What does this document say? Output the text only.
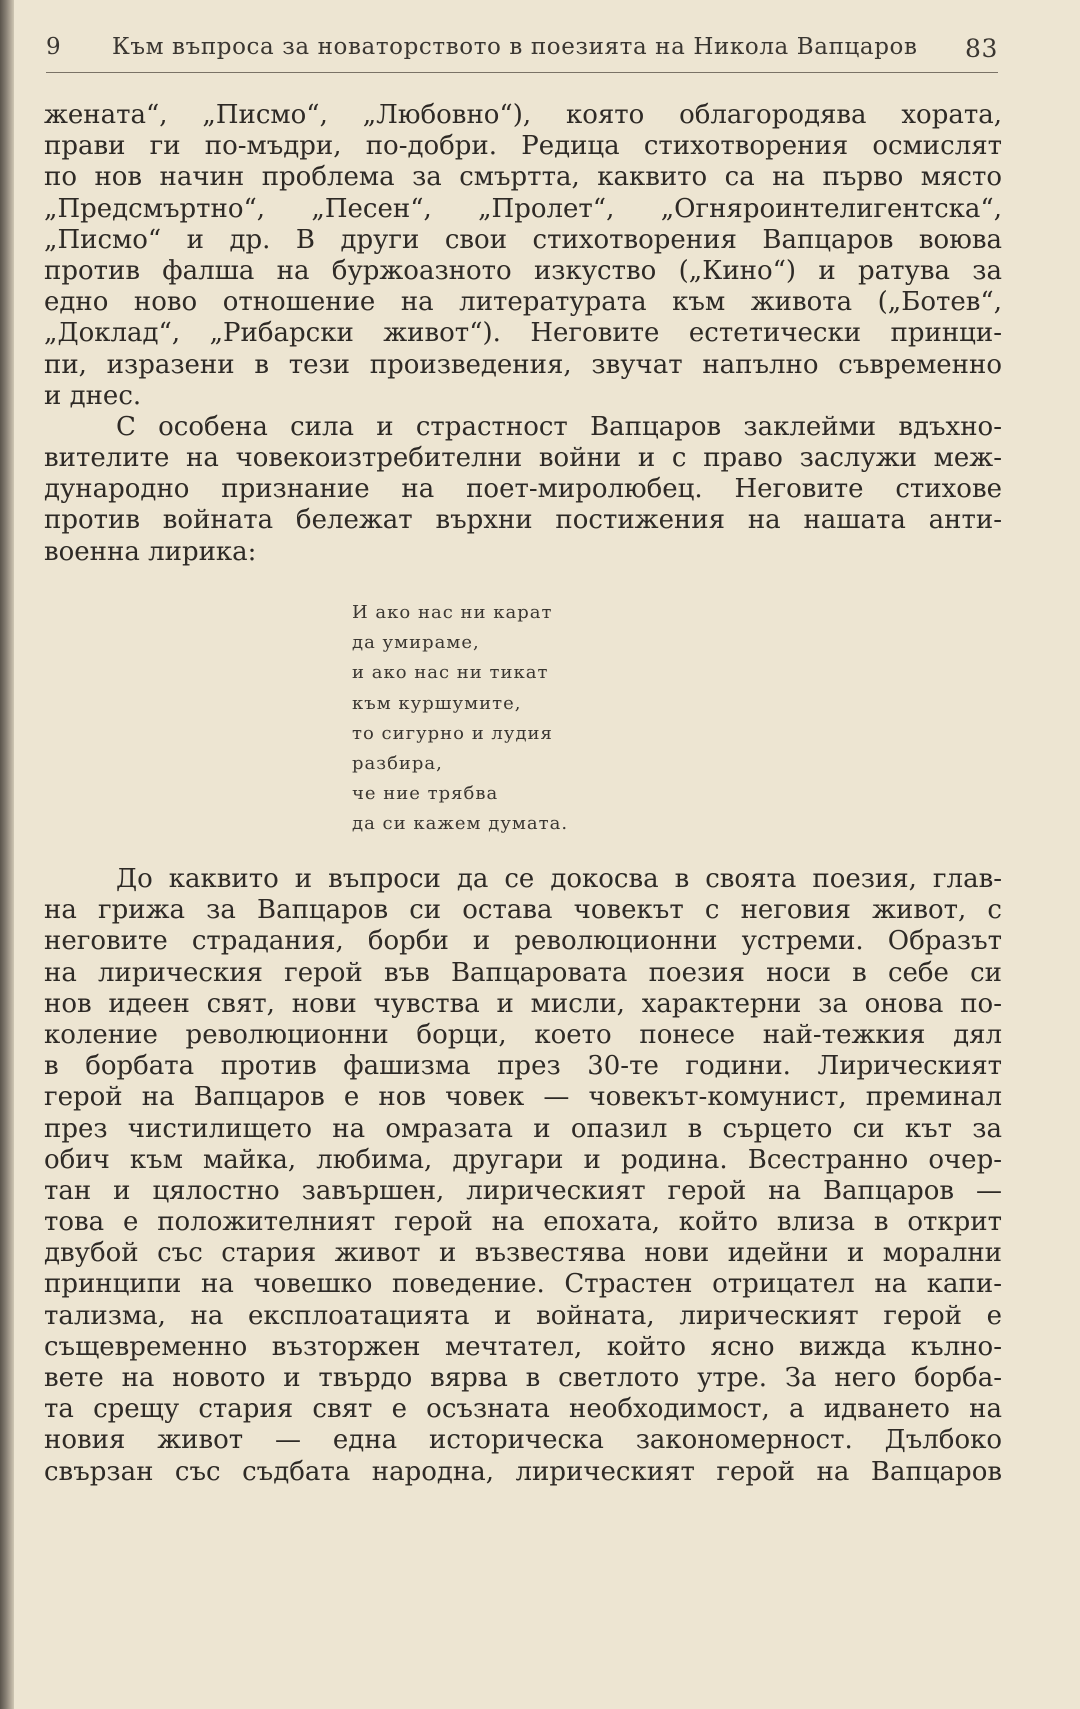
9 Към въпроса за новаторството в поезията на Никола Вапцаров 83
жената“, „Писмо“, „Любовно“), която облагородява хората,
прави ги по-мъдри, по-добри. Редица стихотворения осмислят
по нов начин проблема за смъртта, каквито са на първо място
„Предсмъртно“, „Песен“, „Пролет“, „Огняроинтелигентска“,
„Писмо“ и др. В други свои стихотворения Вапцаров воюва
против фалша на буржоазното изкуство („Кино“) и ратува за
едно ново отношение на литературата към живота („Ботев“,
„Доклад“, „Рибарски живот“). Неговите естетически принци-
пи, изразени в тези произведения, звучат напълно съвременно
и днес.
С особена сила и страстност Вапцаров заклейми вдъхно-
вителите на човекоизтребителни войни и с право заслужи меж-
дународно признание на поет-миролюбец. Неговите стихове
против войната бележат върхни постижения на нашата анти-
военна лирика:
И ако нас ни карат
да умираме,
и ако нас ни тикат
към куршумите,
то сигурно и лудия
разбира,
че ние трябва
да си кажем думата.
До каквито и въпроси да се докосва в своята поезия, глав-
на грижа за Вапцаров си остава човекът с неговия живот, с
неговите страдания, борби и революционни устреми. Образът
на лирическия герой във Вапцаровата поезия носи в себе си
нов идеен свят, нови чувства и мисли, характерни за онова по-
коление революционни борци, което понесе най-тежкия дял
в борбата против фашизма през 30-те години. Лирическият
герой на Вапцаров е нов човек — човекът-комунист, преминал
през чистилището на омразата и опазил в сърцето си кът за
обич към майка, любима, другари и родина. Всестранно очер-
тан и цялостно завършен, лирическият герой на Вапцаров —
това е положителният герой на епохата, който влиза в открит
двубой със стария живот и възвестява нови идейни и морални
принципи на човешко поведение. Страстен отрицател на капи-
тализма, на експлоатацията и войната, лирическият герой е
същевременно възторжен мечтател, който ясно вижда кълно-
вете на новото и твърдо вярва в светлото утре. За него борба-
та срещу стария свят е осъзната необходимост, а идването на
новия живот — една историческа закономерност. Дълбоко
свързан със съдбата народна, лирическият герой на Вапцаров
